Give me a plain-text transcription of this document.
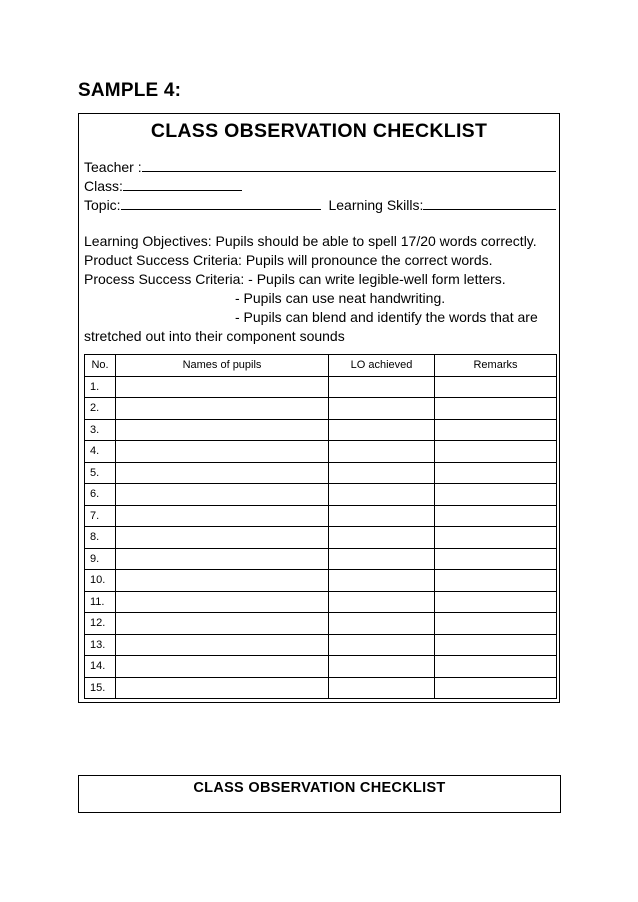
SAMPLE 4:
CLASS OBSERVATION CHECKLIST
Teacher :
Class:
Topic:	Learning Skills:
Learning Objectives: Pupils should be able to spell 17/20 words correctly.
Product Success Criteria: Pupils will pronounce the correct words.
Process Success Criteria: - Pupils can write legible-well form letters.
- Pupils can use neat handwriting.
- Pupils can blend and identify the words that are
stretched out into their component sounds
No.	Names of pupils	LO achieved	Remarks
1.			
2.			
3.			
4.			
5.			
6.			
7.			
8.			
9.			
10.			
11.			
12.			
13.			
14.			
15.			
CLASS OBSERVATION CHECKLIST
